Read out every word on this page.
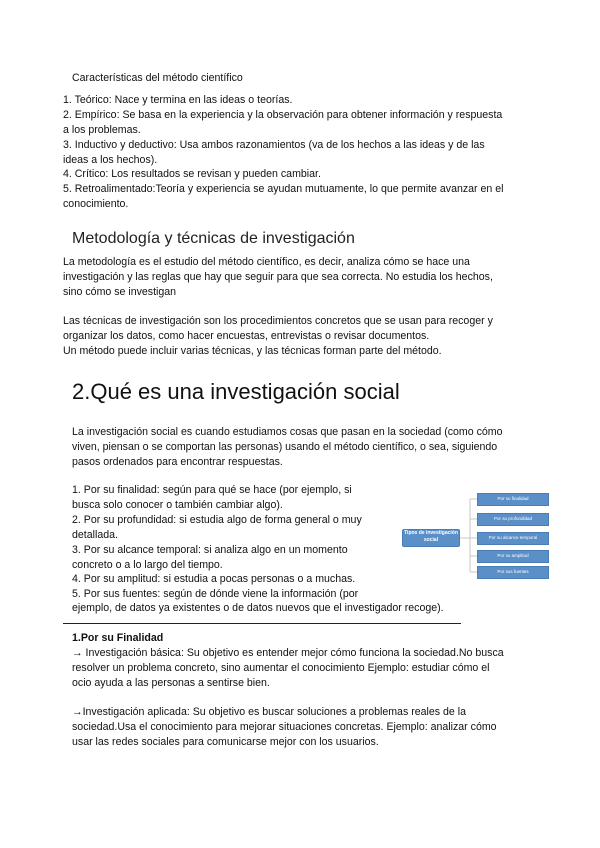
Características del método científico
1. Teórico: Nace y termina en las ideas o teorías.
2. Empírico: Se basa en la experiencia y la observación para obtener información y respuesta
a los problemas.
3. Inductivo y deductivo: Usa ambos razonamientos (va de los hechos a las ideas y de las
ideas a los hechos).
4. Crítico: Los resultados se revisan y pueden cambiar.
5. Retroalimentado:Teoría y experiencia se ayudan mutuamente, lo que permite avanzar en el
conocimiento.
Metodología y técnicas de investigación
La metodología es el estudio del método científico, es decir, analiza cómo se hace una
investigación y las reglas que hay que seguir para que sea correcta. No estudia los hechos,
sino cómo se investigan
Las técnicas de investigación son los procedimientos concretos que se usan para recoger y
organizar los datos, como hacer encuestas, entrevistas o revisar documentos.
Un método puede incluir varias técnicas, y las técnicas forman parte del método.
2.Qué es una investigación social
La investigación social es cuando estudiamos cosas que pasan en la sociedad (como cómo
viven, piensan o se comportan las personas) usando el método científico, o sea, siguiendo
pasos ordenados para encontrar respuestas.
1. Por su finalidad: según para qué se hace (por ejemplo, si
busca solo conocer o también cambiar algo).
2. Por su profundidad: si estudia algo de forma general o muy
detallada.
3. Por su alcance temporal: si analiza algo en un momento
concreto o a lo largo del tiempo.
4. Por su amplitud: si estudia a pocas personas o a muchas.
5. Por sus fuentes: según de dónde viene la información (por
ejemplo, de datos ya existentes o de datos nuevos que el investigador recoge).
Tipos de investigación social
Por su finalidad
Por su profundidad
Por su alcance temporal
Por su amplitud
Por sus fuentes
1.Por su Finalidad
→ Investigación básica: Su objetivo es entender mejor cómo funciona la sociedad.No busca
resolver un problema concreto, sino aumentar el conocimiento Ejemplo: estudiar cómo el
ocio ayuda a las personas a sentirse bien.
→Investigación aplicada: Su objetivo es buscar soluciones a problemas reales de la
sociedad.Usa el conocimiento para mejorar situaciones concretas. Ejemplo: analizar cómo
usar las redes sociales para comunicarse mejor con los usuarios.
